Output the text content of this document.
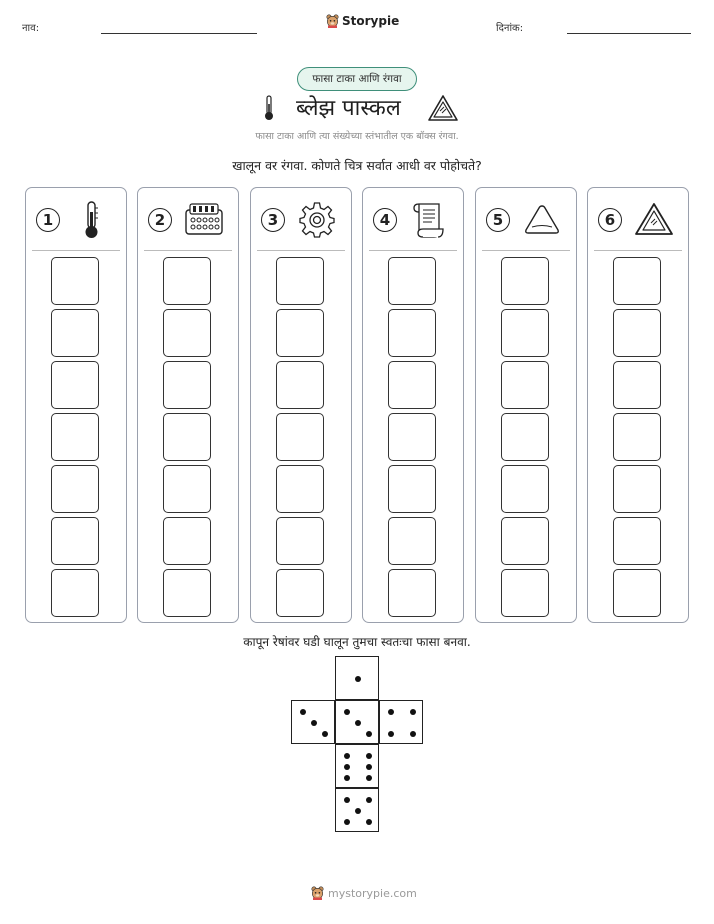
नाव:
Storypie
दिनांक:
फासा टाका आणि रंगवा
ब्लेझ पास्कल
फासा टाका आणि त्या संख्येच्या स्तंभातील एक बॉक्स रंगवा.
खालून वर रंगवा. कोणते चित्र सर्वात आधी वर पोहोचते?
1	2	3	4	5	6
कापून रेषांवर घडी घालून तुमचा स्वतःचा फासा बनवा.
mystorypie.com
